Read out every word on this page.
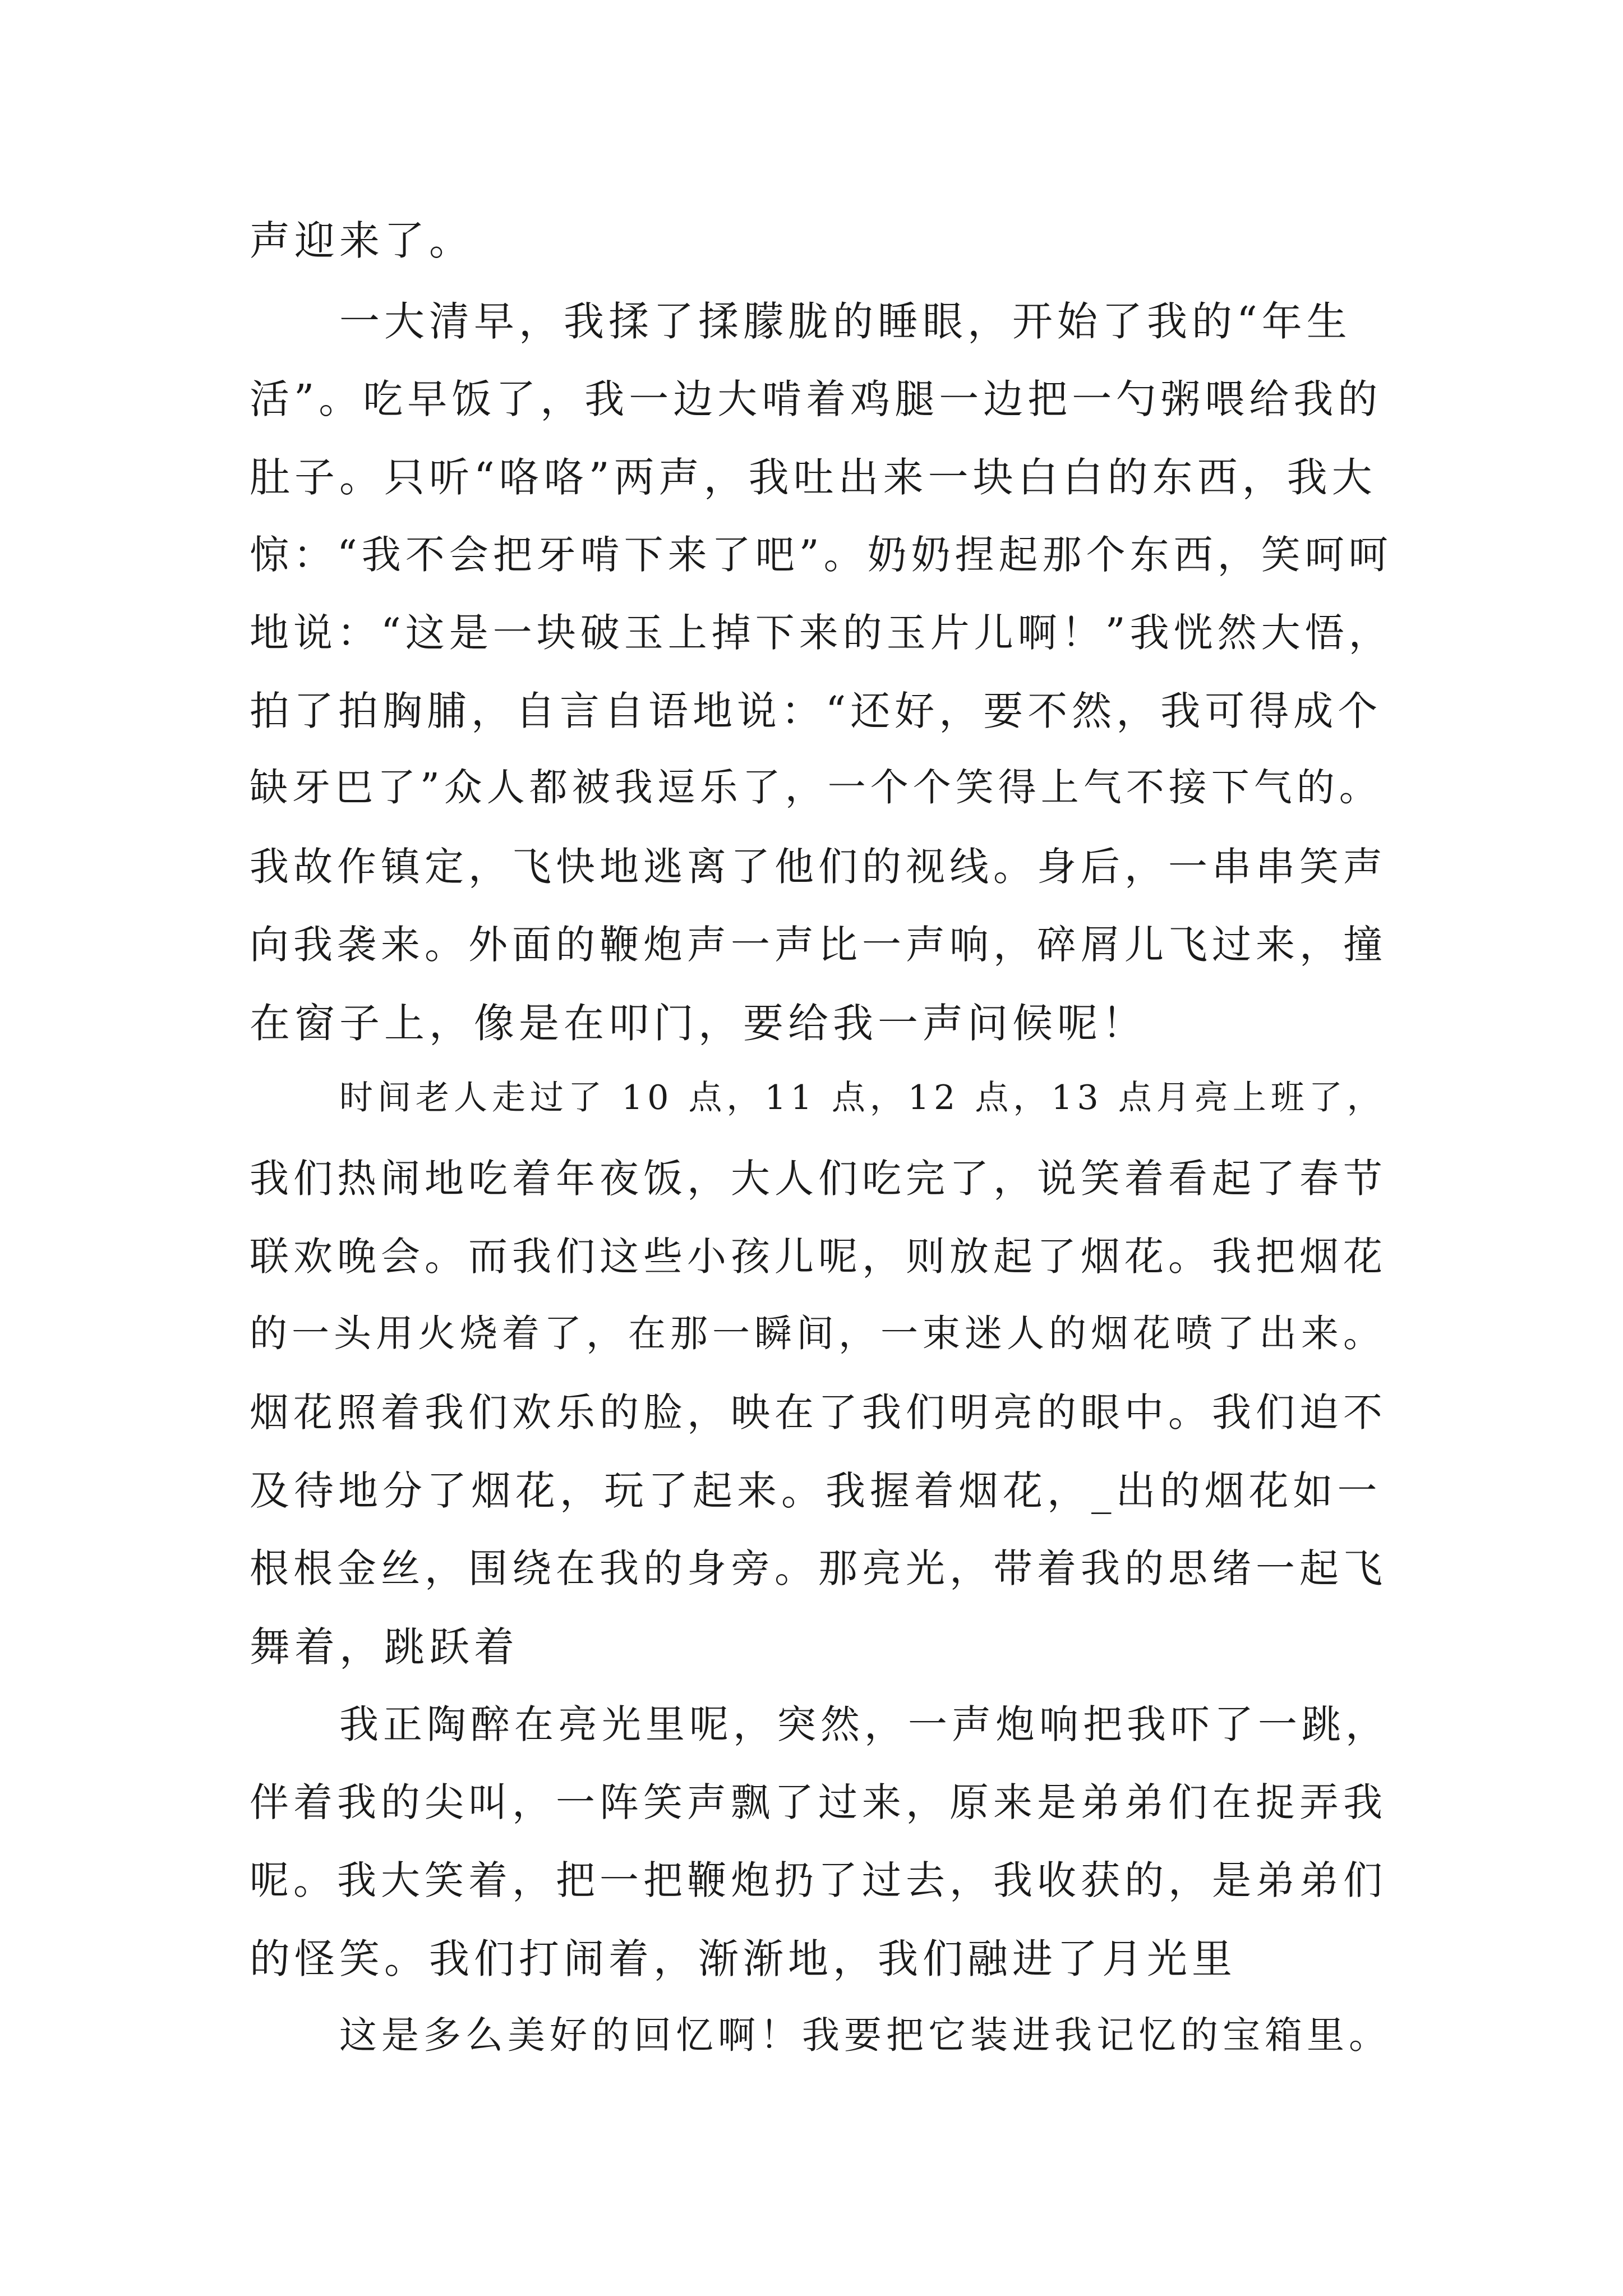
声迎来了。
一大清早，我揉了揉朦胧的睡眼，开始了我的“年生
活”。吃早饭了，我一边大啃着鸡腿一边把一勺粥喂给我的
肚子。只听“咯咯”两声，我吐出来一块白白的东西，我大
惊：“我不会把牙啃下来了吧”。奶奶捏起那个东西，笑呵呵
地说：“这是一块破玉上掉下来的玉片儿啊！”我恍然大悟，
拍了拍胸脯，自言自语地说：“还好，要不然，我可得成个
缺牙巴了”众人都被我逗乐了，一个个笑得上气不接下气的。
我故作镇定，飞快地逃离了他们的视线。身后，一串串笑声
向我袭来。外面的鞭炮声一声比一声响，碎屑儿飞过来，撞
在窗子上，像是在叩门，要给我一声问候呢！
时间老人走过了 10 点，11 点，12 点，13 点月亮上班了，
我们热闹地吃着年夜饭，大人们吃完了，说笑着看起了春节
联欢晚会。而我们这些小孩儿呢，则放起了烟花。我把烟花
的一头用火烧着了，在那一瞬间，一束迷人的烟花喷了出来。
烟花照着我们欢乐的脸，映在了我们明亮的眼中。我们迫不
及待地分了烟花，玩了起来。我握着烟花，_出的烟花如一
根根金丝，围绕在我的身旁。那亮光，带着我的思绪一起飞
舞着，跳跃着
我正陶醉在亮光里呢，突然，一声炮响把我吓了一跳，
伴着我的尖叫，一阵笑声飘了过来，原来是弟弟们在捉弄我
呢。我大笑着，把一把鞭炮扔了过去，我收获的，是弟弟们
的怪笑。我们打闹着，渐渐地，我们融进了月光里
这是多么美好的回忆啊！我要把它装进我记忆的宝箱里。
